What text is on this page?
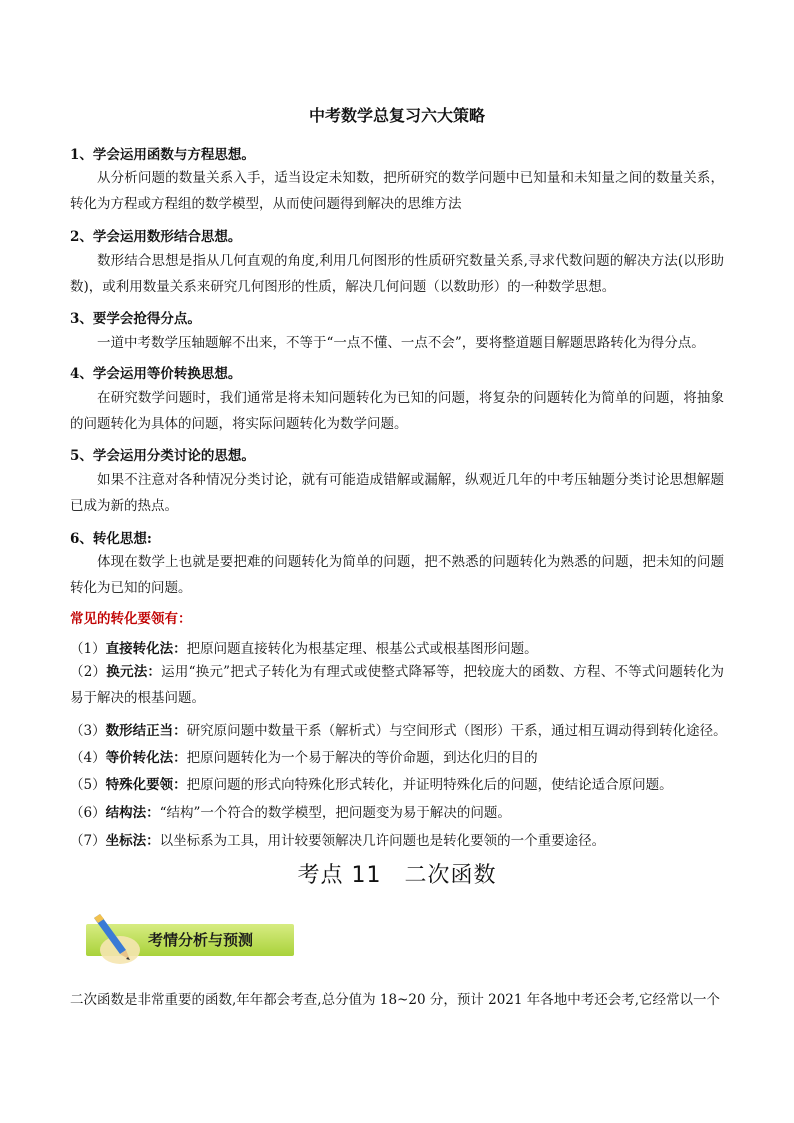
中考数学总复习六大策略
1、学会运用函数与方程思想。
从分析问题的数量关系入手，适当设定未知数，把所研究的数学问题中已知量和未知量之间的数量关系，转化为方程或方程组的数学模型，从而使问题得到解决的思维方法
2、学会运用数形结合思想。
数形结合思想是指从几何直观的角度,利用几何图形的性质研究数量关系,寻求代数问题的解决方法(以形助数)，或利用数量关系来研究几何图形的性质，解决几何问题（以数助形）的一种数学思想。
3、要学会抢得分点。
一道中考数学压轴题解不出来，不等于“一点不懂、一点不会”，要将整道题目解题思路转化为得分点。
4、学会运用等价转换思想。
在研究数学问题时，我们通常是将未知问题转化为已知的问题，将复杂的问题转化为简单的问题，将抽象的问题转化为具体的问题，将实际问题转化为数学问题。
5、学会运用分类讨论的思想。
如果不注意对各种情况分类讨论，就有可能造成错解或漏解，纵观近几年的中考压轴题分类讨论思想解题已成为新的热点。
6、转化思想:
体现在数学上也就是要把难的问题转化为简单的问题，把不熟悉的问题转化为熟悉的问题，把未知的问题转化为已知的问题。
常见的转化要领有：
（1）直接转化法：把原问题直接转化为根基定理、根基公式或根基图形问题。
（2）换元法：运用“换元”把式子转化为有理式或使整式降幂等，把较庞大的函数、方程、不等式问题转化为易于解决的根基问题。
（3）数形结正当：研究原问题中数量干系（解析式）与空间形式（图形）干系，通过相互调动得到转化途径。
（4）等价转化法：把原问题转化为一个易于解决的等价命题，到达化归的目的
（5）特殊化要领：把原问题的形式向特殊化形式转化，并证明特殊化后的问题，使结论适合原问题。
（6）结构法：“结构”一个符合的数学模型，把问题变为易于解决的问题。
（7）坐标法：以坐标系为工具，用计较要领解决几许问题也是转化要领的一个重要途径。
考点 11　二次函数
考情分析与预测
二次函数是非常重要的函数,年年都会考查,总分值为 18~20 分，预计 2021 年各地中考还会考,它经常以一个
